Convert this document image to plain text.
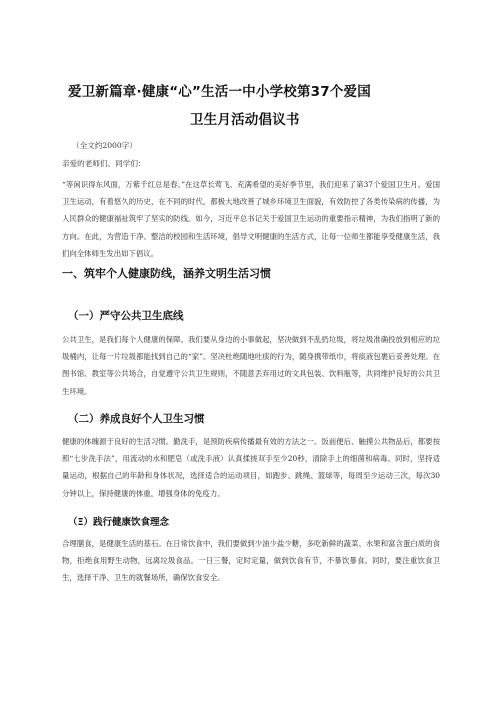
爱卫新篇章·健康“心”生活一中小学校第37个爱国
卫生月活动倡议书
（全文约2000字）
亲爱的老师们、同学们：

“等闲识得东风面，万紫千红总是春。”在这草长莺飞、充满希望的美好季节里，我们迎来了第37个爱国卫生月。爱国卫生运动，有着悠久的历史，在不同的时代，都极大地改善了城乡环境卫生面貌，有效防控了各类传染病的传播，为人民群众的健康福祉筑牢了坚实的防线。如今，习近平总书记关于爱国卫生运动的重要指示精神，为我们指明了新的方向。在此，为营造干净、整洁的校园和生活环境，倡导文明健康的生活方式，让每一位师生都能享受健康生活，我们向全体师生发出如下倡议。

一、筑牢个人健康防线，涵养文明生活习惯
（一）严守公共卫生底线

公共卫生，是我们每个人健康的保障。我们要从身边的小事做起，坚决做到不乱扔垃圾，将垃圾准确投放到相应的垃圾桶内，让每一片垃圾都能找到自己的“家”。坚决杜绝随地吐痰的行为，随身携带纸巾，将痰液包裹后妥善处理。在图书馆、教室等公共场合，自觉遵守公共卫生规则，不随意丢弃用过的文具包装、饮料瓶等，共同维护良好的公共卫生环境。

（二）养成良好个人卫生习惯

健康的体魄源于良好的生活习惯。勤洗手，是预防疾病传播最有效的方法之一。饭前便后、触摸公共物品后，都要按照“七步洗手法”，用流动的水和肥皂（或洗手液）认真揉搓双手至少20秒，清除手上的细菌和病毒。同时，坚持适量运动，根据自己的年龄和身体状况，选择适合的运动项目，如跑步、跳绳、篮球等，每周至少运动三次，每次30分钟以上，保持健康的体重，增强身体的免疫力。

（Ξ）践行健康饮食理念

合理膳食，是健康生活的基石。在日常饮食中，我们要做到少油少盐少糖，多吃新鲜的蔬菜、水果和富含蛋白质的食物，拒绝食用野生动物，远离垃圾食品。一日三餐，定时定量，做到饮食有节，不暴饮暴食。同时，要注重饮食卫生，选择干净、卫生的就餐场所，确保饮食安全。
